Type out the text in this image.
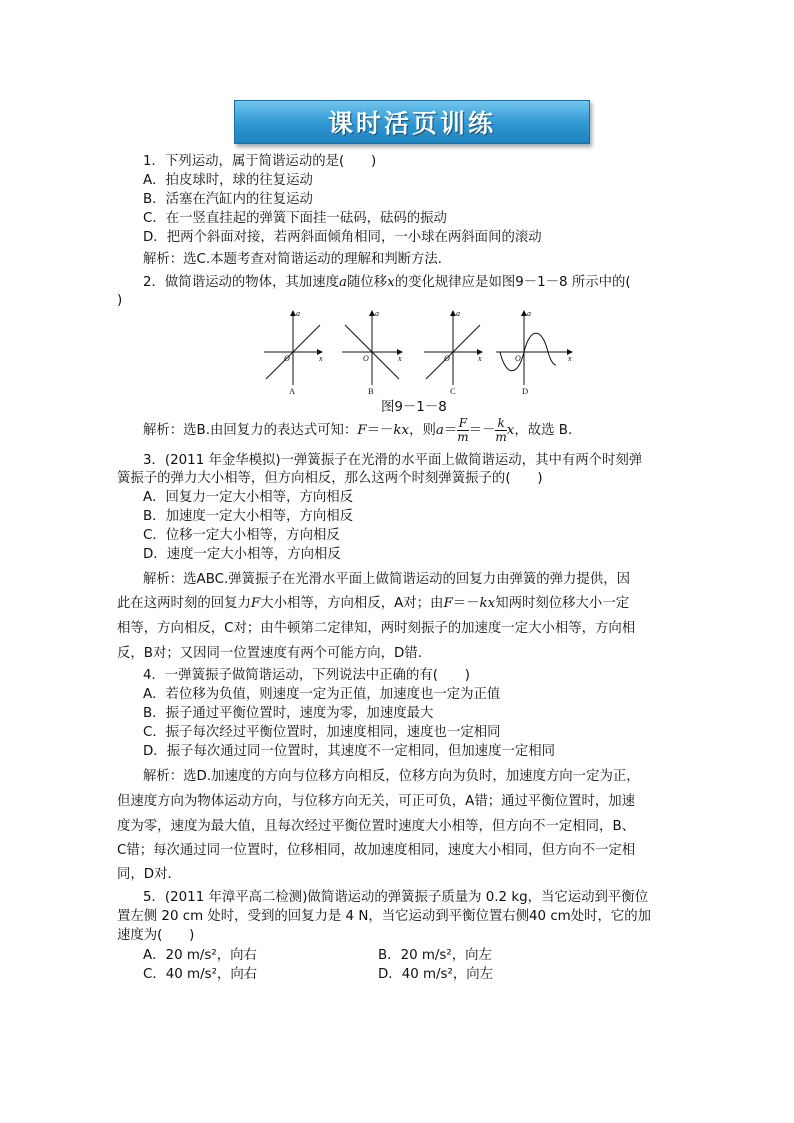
课时活页训练
1．下列运动，属于简谐运动的是(　　)
A．拍皮球时，球的往复运动
B．活塞在汽缸内的往复运动
C．在一竖直挂起的弹簧下面挂一砝码，砝码的振动
D．把两个斜面对接，若两斜面倾角相同，一小球在两斜面间的滚动
解析：选C.本题考查对简谐运动的理解和判断方法．
2．做简谐运动的物体，其加速度a随位移x的变化规律应是如图9－1－8 所示中的(
)
a
x
O
a
x
O
a
x
O
a
x
O
A	B	C	D
图9－1－8
解析：选B.由回复力的表达式可知：F＝－kx，则$a= \frac{F}{m} =- \frac{k}{m}$ x，故选 B.
3．(2011 年金华模拟)一弹簧振子在光滑的水平面上做简谐运动，其中有两个时刻弹
簧振子的弹力大小相等，但方向相反，那么这两个时刻弹簧振子的(　　)
A．回复力一定大小相等，方向相反
B．加速度一定大小相等，方向相反
C．位移一定大小相等，方向相反
D．速度一定大小相等，方向相反
解析：选ABC.弹簧振子在光滑水平面上做简谐运动的回复力由弹簧的弹力提供，因
此在这两时刻的回复力F大小相等，方向相反，A对；由F＝－kx知两时刻位移大小一定
相等，方向相反，C对；由牛顿第二定律知，两时刻振子的加速度一定大小相等，方向相
反，B对；又因同一位置速度有两个可能方向，D错．
4．一弹簧振子做简谐运动，下列说法中正确的有(　　)
A．若位移为负值，则速度一定为正值，加速度也一定为正值
B．振子通过平衡位置时，速度为零，加速度最大
C．振子每次经过平衡位置时，加速度相同，速度也一定相同
D．振子每次通过同一位置时，其速度不一定相同，但加速度一定相同
解析：选D.加速度的方向与位移方向相反，位移方向为负时，加速度方向一定为正，
但速度方向为物体运动方向，与位移方向无关，可正可负，A错；通过平衡位置时，加速
度为零，速度为最大值，且每次经过平衡位置时速度大小相等，但方向不一定相同，B、
C错；每次通过同一位置时，位移相同，故加速度相同，速度大小相同，但方向不一定相
同，D对．
5．(2011 年漳平高二检测)做简谐运动的弹簧振子质量为 0.2 kg，当它运动到平衡位
置左侧 20 cm 处时，受到的回复力是 4 N，当它运动到平衡位置右侧40 cm处时，它的加
速度为(　　)
A．20 m/s²，向右	B．20 m/s²，向左
C．40 m/s²，向右	D．40 m/s²，向左
